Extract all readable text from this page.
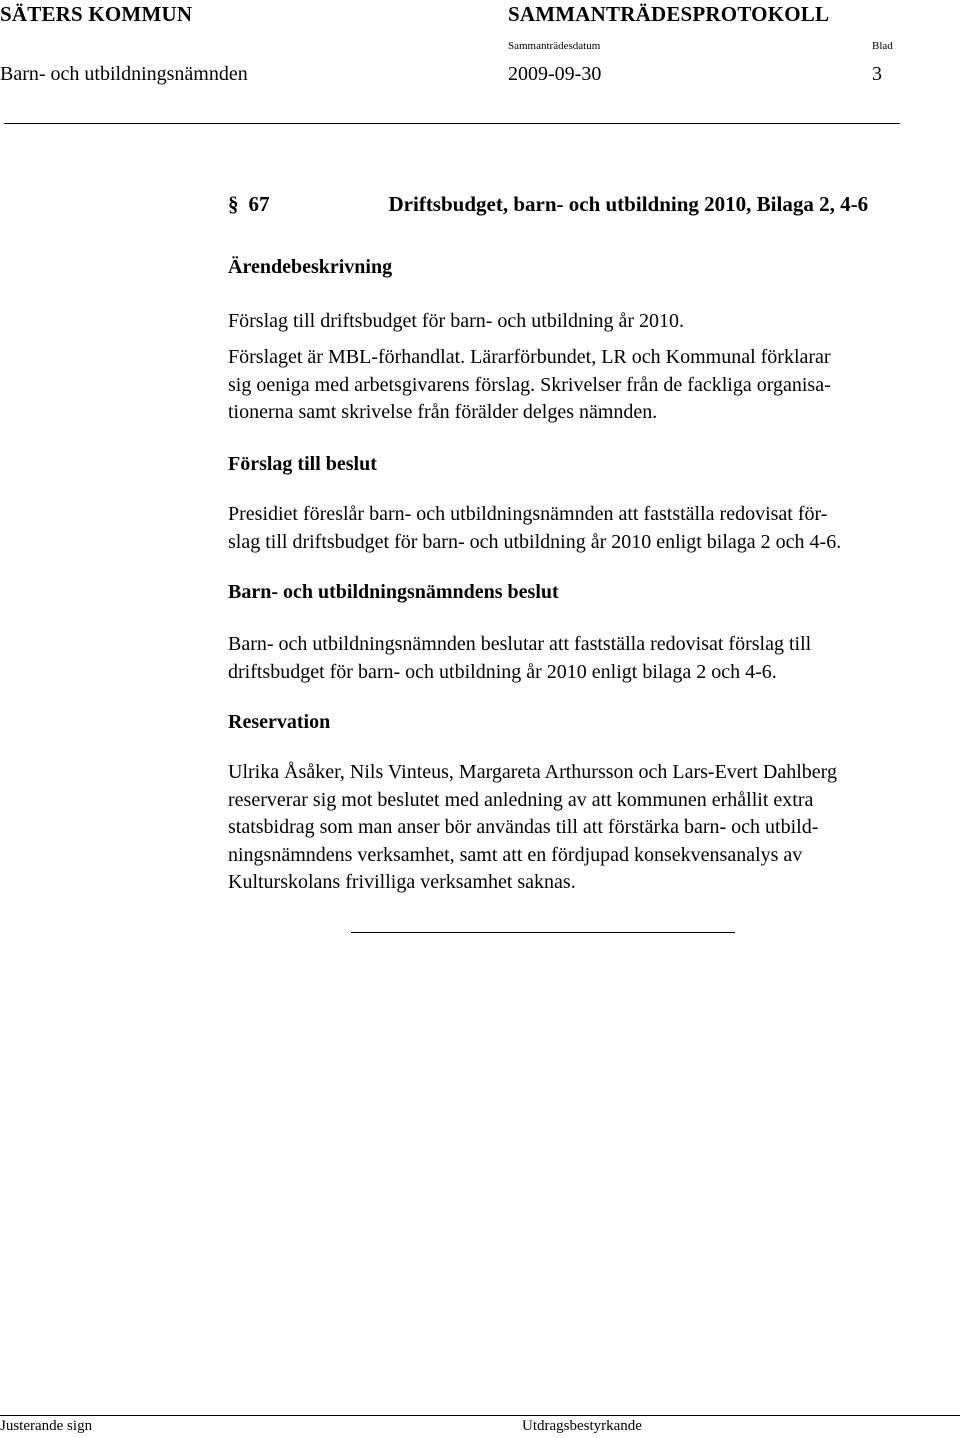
SÄTERS KOMMUN	SAMMANTRÄDESPROTOKOLL
Sammanträdesdatum	Blad
Barn- och utbildningsnämnden	2009-09-30	3
§ 67	Driftsbudget, barn- och utbildning 2010, Bilaga 2, 4-6
Ärendebeskrivning
Förslag till driftsbudget för barn- och utbildning år 2010.
Förslaget är MBL-förhandlat. Lärarförbundet, LR och Kommunal förklarar
sig oeniga med arbetsgivarens förslag. Skrivelser från de fackliga organisa-
tionerna samt skrivelse från förälder delges nämnden.
Förslag till beslut
Presidiet föreslår barn- och utbildningsnämnden att fastställa redovisat för-
slag till driftsbudget för barn- och utbildning år 2010 enligt bilaga 2 och 4-6.
Barn- och utbildningsnämndens beslut
Barn- och utbildningsnämnden beslutar att fastställa redovisat förslag till
driftsbudget för barn- och utbildning år 2010 enligt bilaga 2 och 4-6.
Reservation
Ulrika Åsåker, Nils Vinteus, Margareta Arthursson och Lars-Evert Dahlberg
reserverar sig mot beslutet med anledning av att kommunen erhållit extra
statsbidrag som man anser bör användas till att förstärka barn- och utbild-
ningsnämndens verksamhet, samt att en fördjupad konsekvensanalys av
Kulturskolans frivilliga verksamhet saknas.
Justerande sign	Utdragsbestyrkande
